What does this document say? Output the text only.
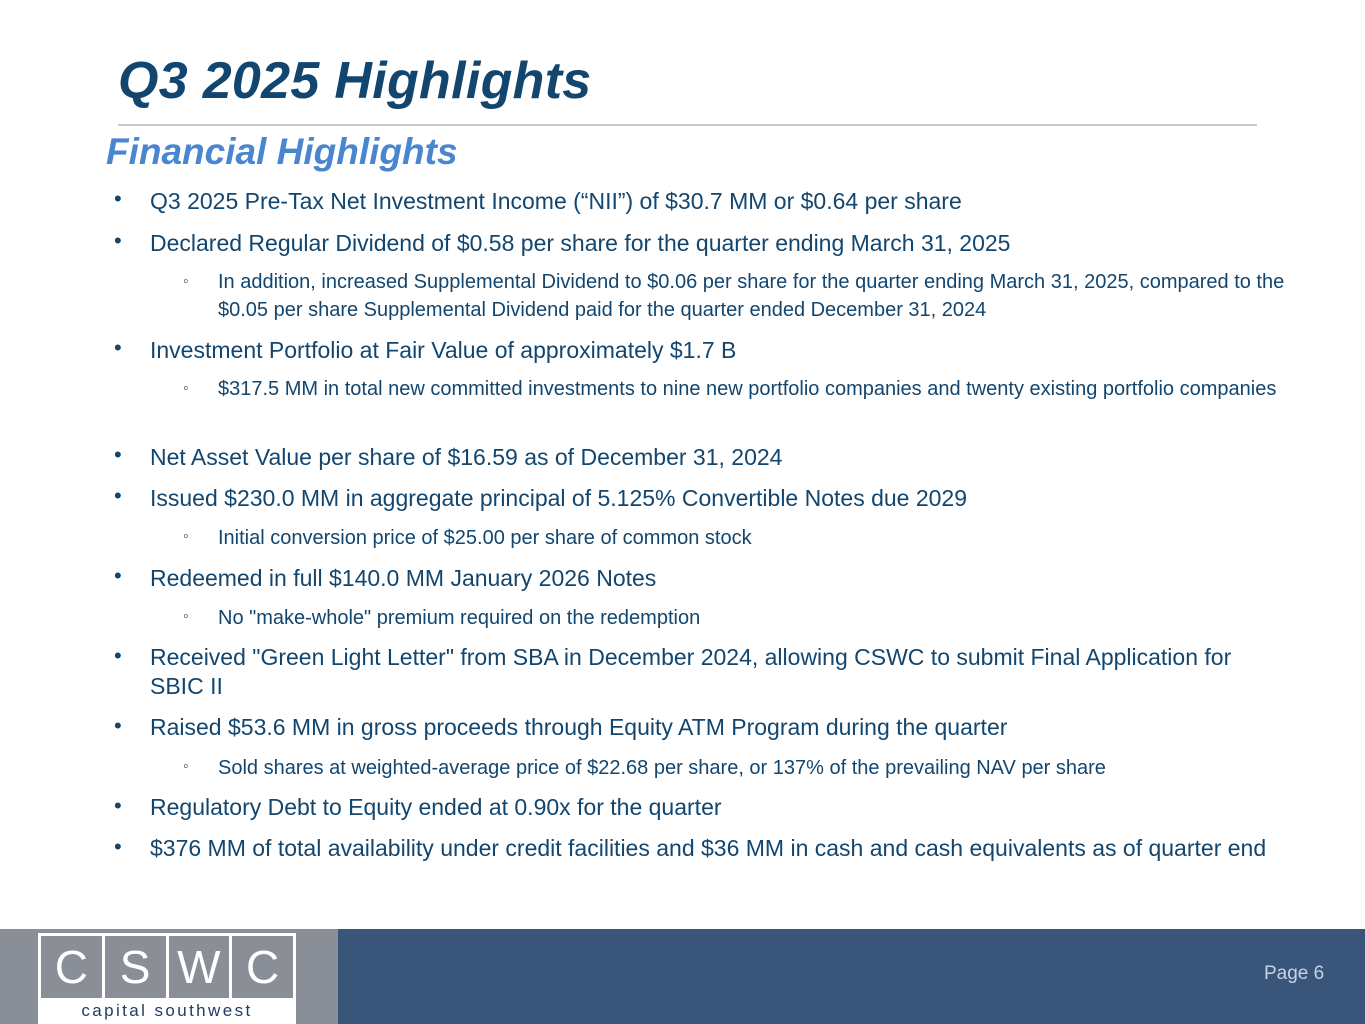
Q3 2025 Highlights
Financial Highlights
• Q3 2025 Pre-Tax Net Investment Income (“NII”) of $30.7 MM or $0.64 per share
• Declared Regular Dividend of $0.58 per share for the quarter ending March 31, 2025
◦ In addition, increased Supplemental Dividend to $0.06 per share for the quarter ending March 31, 2025, compared to the $0.05 per share Supplemental Dividend paid for the quarter ended December 31, 2024
• Investment Portfolio at Fair Value of approximately $1.7 B
◦ $317.5 MM in total new committed investments to nine new portfolio companies and twenty existing portfolio companies
• Net Asset Value per share of $16.59 as of December 31, 2024
• Issued $230.0 MM in aggregate principal of 5.125% Convertible Notes due 2029
◦ Initial conversion price of $25.00 per share of common stock
• Redeemed in full $140.0 MM January 2026 Notes
◦ No "make-whole" premium required on the redemption
• Received "Green Light Letter" from SBA in December 2024, allowing CSWC to submit Final Application for SBIC II
• Raised $53.6 MM in gross proceeds through Equity ATM Program during the quarter
◦ Sold shares at weighted-average price of $22.68 per share, or 137% of the prevailing NAV per share
• Regulatory Debt to Equity ended at 0.90x for the quarter
• $376 MM of total availability under credit facilities and $36 MM in cash and cash equivalents as of quarter end
C S W C
capital southwest
Page 6
